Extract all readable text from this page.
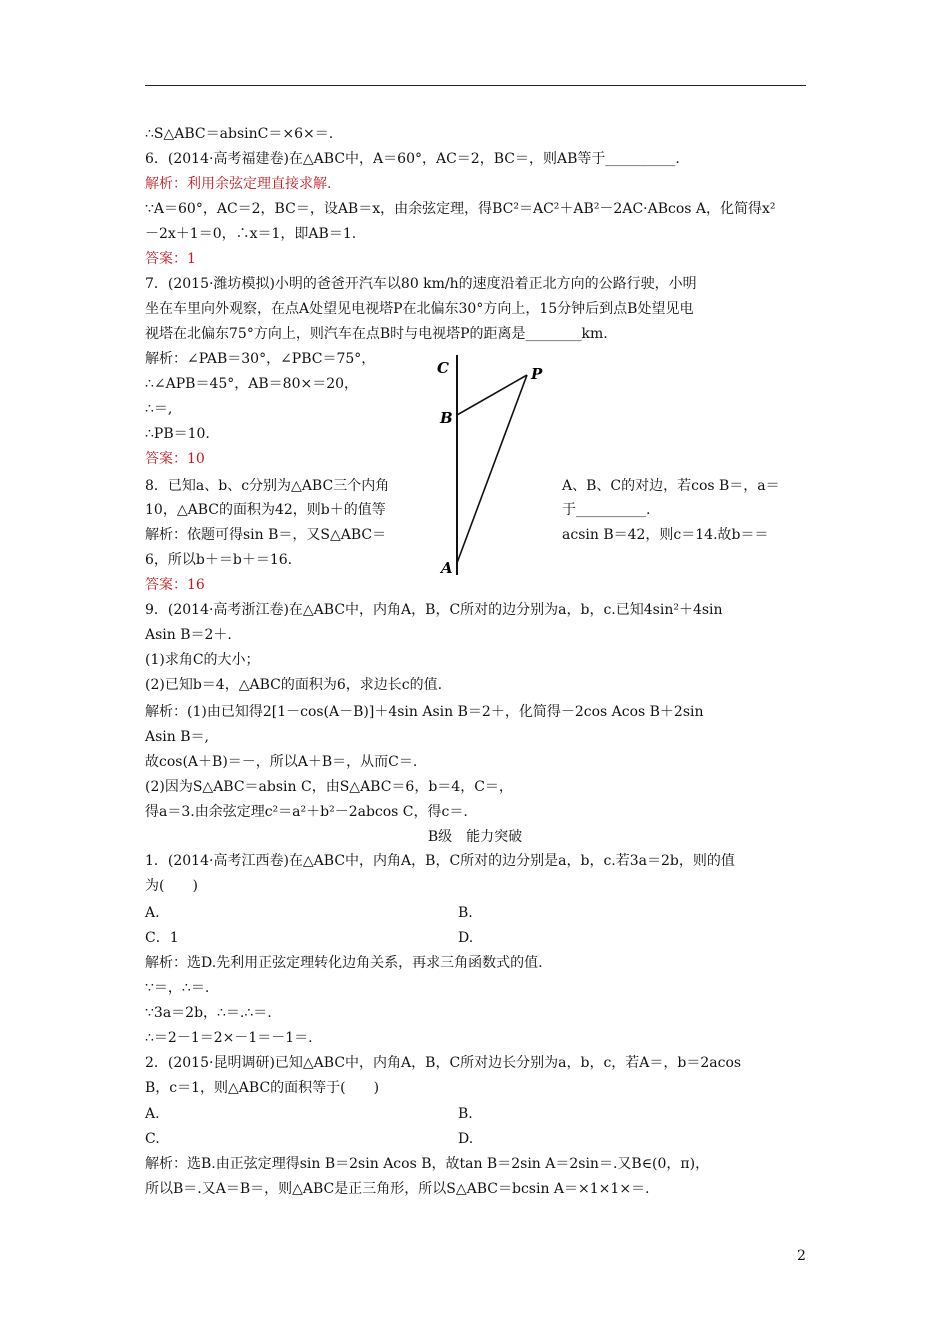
∴S△ABC＝absinC＝×6×＝.
6．(2014·高考福建卷)在△ABC中，A＝60°，AC＝2，BC＝，则AB等于__________.
解析：利用余弦定理直接求解.
∵A＝60°，AC＝2，BC＝，设AB＝x，由余弦定理，得BC²＝AC²＋AB²－2AC·ABcos A，化简得x²
－2x＋1＝0，∴x＝1，即AB＝1.
答案：1
7．(2015·潍坊模拟)小明的爸爸开汽车以80 km/h的速度沿着正北方向的公路行驶，小明
坐在车里向外观察，在点A处望见电视塔P在北偏东30°方向上，15分钟后到点B处望见电
视塔在北偏东75°方向上，则汽车在点B时与电视塔P的距离是________km.
解析：∠PAB＝30°，∠PBC＝75°，
∴∠APB＝45°，AB＝80×＝20，
∴＝,
∴PB＝10.
答案：10
8．已知a、b、c分别为△ABC三个内角
10，△ABC的面积为42，则b＋的值等
解析：依题可得sin B＝，又S△ABC＝
6，所以b＋＝b＋＝16.
答案：16
9．(2014·高考浙江卷)在△ABC中，内角A，B，C所对的边分别为a，b，c.已知4sin²＋4sin
Asin B＝2＋.
(1)求角C的大小；
(2)已知b＝4，△ABC的面积为6，求边长c的值.
解析：(1)由已知得2[1－cos(A－B)]＋4sin Asin B＝2＋，化简得－2cos Acos B＋2sin
Asin B＝,
故cos(A＋B)＝－，所以A＋B＝，从而C＝.
(2)因为S△ABC＝absin C，由S△ABC＝6，b＝4，C＝，
得a＝3.由余弦定理c²＝a²＋b²－2abcos C，得c＝.
B级　能力突破
1．(2014·高考江西卷)在△ABC中，内角A，B，C所对的边分别是a，b，c.若3a＝2b，则的值
为(　　)
A.	B.
C．1	D.
解析：选D.先利用正弦定理转化边角关系，再求三角函数式的值.
∵＝，∴＝.
∵3a＝2b，∴＝.∴＝.
∴＝2－1＝2×－1＝－1＝.
2．(2015·昆明调研)已知△ABC中，内角A，B，C所对边长分别为a，b，c，若A＝，b＝2acos
B，c＝1，则△ABC的面积等于(　　)
A.	B.
C.	D.
解析：选B.由正弦定理得sin B＝2sin Acos B，故tan B＝2sin A＝2sin＝.又B∈(0，π)，
所以B＝.又A＝B＝，则△ABC是正三角形，所以S△ABC＝bcsin A＝×1×1×＝.
A、B、C的对边，若cos B＝，a＝
于__________.
acsin B＝42，则c＝14.故b＝＝
C	P
B
A
2
